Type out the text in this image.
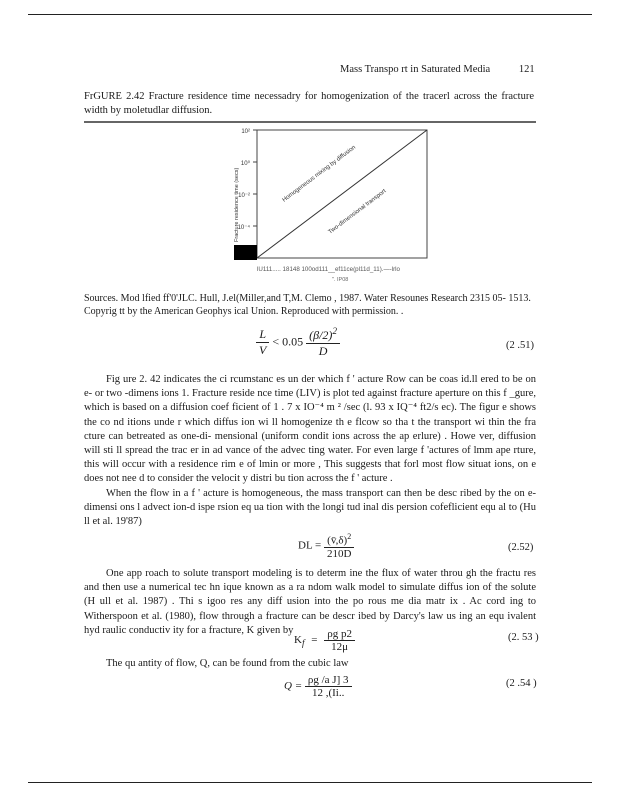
Mass Transpo rt in Saturated Media	121
FrGURE 2.42 Fracture residence time necessadry for homogenization of the tracerl across the fracture width by moletudlar diffusion.
10²
10⁰
10⁻²
10⁻⁴
Fracture residence time (secs)	Homogeneous mixing by diffusion
Two-dimensional transport
lU111..... 18148 100od111__ef11ce(pl11d_11).—-lrlo
". IP08
Sources. Mod lfied ff'0'JLC. Hull, J.el(Miller,and T,M. Clemo , 1987. Water Resounes Research 2315 05- 1513. Copyrig tt by the American Geophys ical Union. Reproduced with permission. .
$\frac{L}{V} < 0.05 \frac{(\beta/2)^2}{D}$	(2 .51)

Fig ure 2. 42 indicates the ci rcumstanc es un der which f ' acture Row can be coas id.ll ered to be on e- or two -dimens ions 1. Fracture reside nce time (LIV) is plot ted against fracture aperture on this f _gure, which is based on a diffusion coef ficient of 1 . 7 x IO⁻⁴ m ² /sec (l. 93 x IQ⁻⁴ ft2/s ec). The figur e shows the co nd itions unde r which diffus ion wi ll homogenize th e flcow so tha t the transport wi thin the fra cture can betreated as one-di- mensional (uniform condit ions across the ap erlure) . Howe ver, diffusion will sti ll spread the trac er in ad vance of the advec ting water. For even large f 'actures of lmm ape rture, this will occur with a residence rim e of lmin or more , This suggests that forl most flow situat ions, on e does not nee d to consider the velocit y distri bu tion across the f ' acture .

When the flow in a f ' acture is homogeneous, the mass transport can then be desc ribed by the on e-dimensi ons l advect ion-d ispe rsion eq ua tion with the longi tud inal dis persion cofeflicient equ al to (Hu ll et al. 19'87)

DL = $\frac{(v̄,\delta)^2}{210D}$	(2.52)

One app roach to solute transport modeling is to determ ine the flux of water throu gh the fractu res and then use a numerical tec hn ique known as a ra ndom walk model to simulate diffus ion of the solute (H ull et al. 1987) . Thi s igoo res any diff usion into the po rous me dia matr ix . Ac cord ing to Witherspoon et al. (1980), flow through a fracture can be descr ibed by Darcy's law us ing an equ ivalent hyd raulic conductiv ity for a fracture, K given by

$K_f = \frac{\text{ρg p2}}{12\mu}$	(2. 53 )

The qu antity of flow, Q, can be found from the cubic law

$Q = \frac{\text{ρg /a J] 3}}{12 ,(Ii..}$	(2 .54 )
